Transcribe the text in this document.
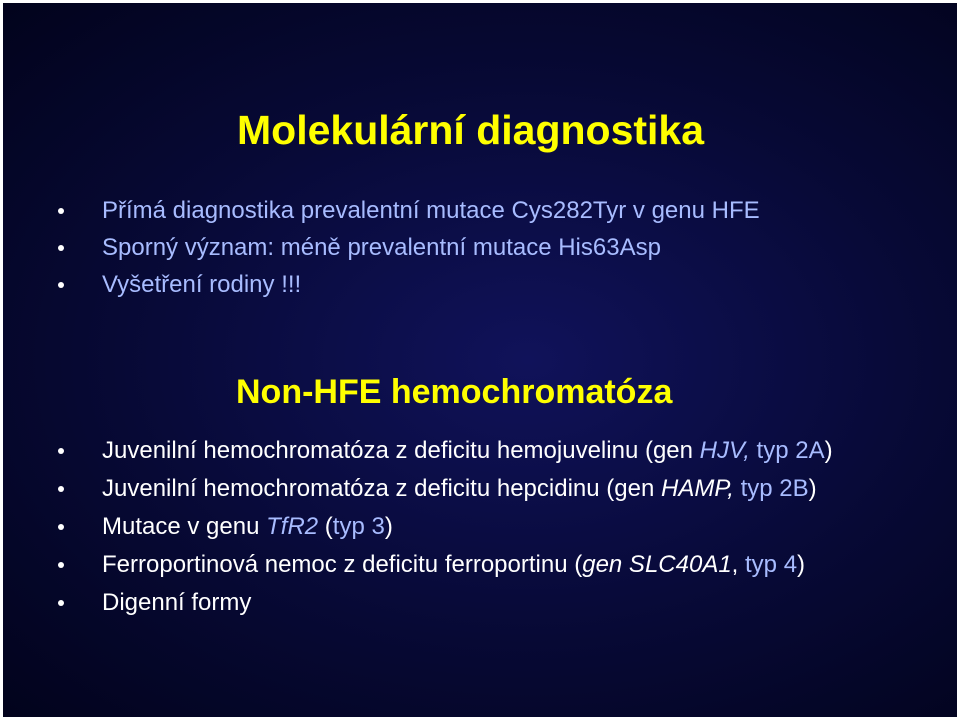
Molekulární diagnostika
Přímá diagnostika prevalentní mutace Cys282Tyr v genu HFE
Sporný význam: méně prevalentní mutace His63Asp
Vyšetření rodiny !!!
Non-HFE hemochromatóza
Juvenilní hemochromatóza z deficitu hemojuvelinu (gen HJV, typ 2A)
Juvenilní hemochromatóza z deficitu hepcidinu (gen HAMP, typ 2B)
Mutace v genu TfR2 (typ 3)
Ferroportinová nemoc z deficitu ferroportinu (gen SLC40A1, typ 4)
Digenní formy
